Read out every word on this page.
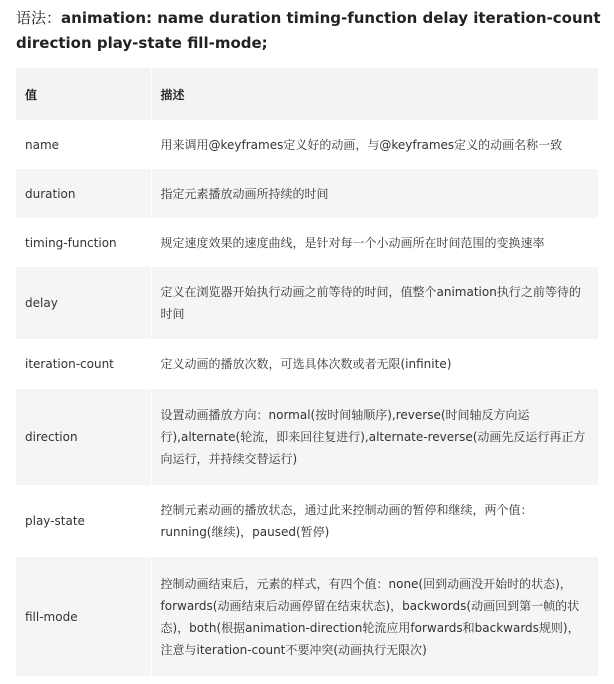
语法：animation: name duration timing-function delay iteration-count direction play-state fill-mode;
值	描述
name	用来调用@keyframes定义好的动画，与@keyframes定义的动画名称一致
duration	指定元素播放动画所持续的时间
timing-function	规定速度效果的速度曲线，是针对每一个小动画所在时间范围的变换速率
delay	定义在浏览器开始执行动画之前等待的时间，值整个animation执行之前等待的时间
iteration-count	定义动画的播放次数，可选具体次数或者无限(infinite)
direction	设置动画播放方向：normal(按时间轴顺序),reverse(时间轴反方向运行),alternate(轮流，即来回往复进行),alternate-reverse(动画先反运行再正方向运行，并持续交替运行)
play-state	控制元素动画的播放状态，通过此来控制动画的暂停和继续，两个值：running(继续)，paused(暂停)
fill-mode	控制动画结束后，元素的样式，有四个值：none(回到动画没开始时的状态)，forwards(动画结束后动画停留在结束状态)，backwords(动画回到第一帧的状态)，both(根据animation-direction轮流应用forwards和backwards规则)，注意与iteration-count不要冲突(动画执行无限次)
